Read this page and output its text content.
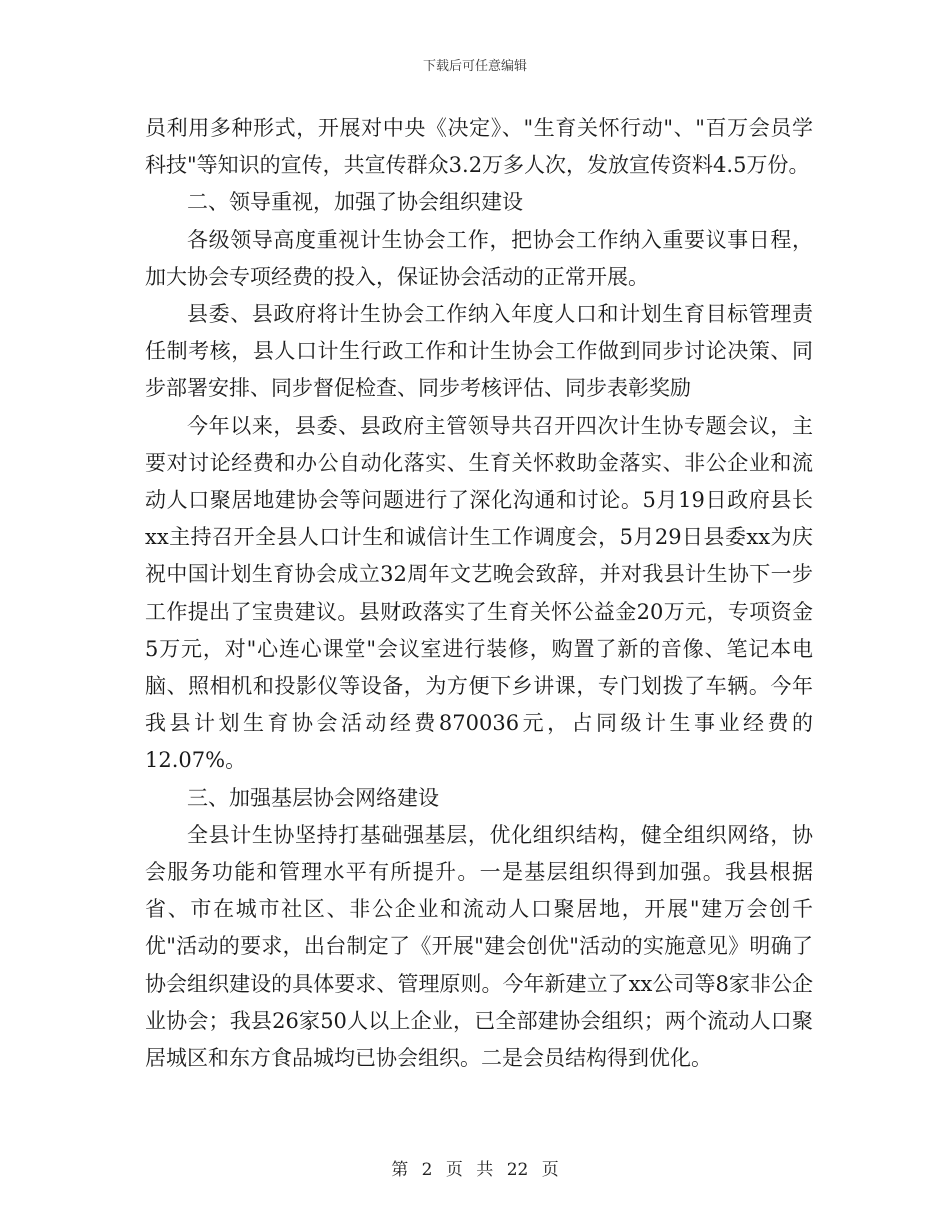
下载后可任意编辑

员利用多种形式，开展对中央《决定》、"生育关怀行动"、"百万会员学科技"等知识的宣传，共宣传群众3.2万多人次，发放宣传资料4.5万份。

二、领导重视，加强了协会组织建设

各级领导高度重视计生协会工作，把协会工作纳入重要议事日程，加大协会专项经费的投入，保证协会活动的正常开展。

县委、县政府将计生协会工作纳入年度人口和计划生育目标管理责任制考核，县人口计生行政工作和计生协会工作做到同步讨论决策、同步部署安排、同步督促检查、同步考核评估、同步表彰奖励

今年以来，县委、县政府主管领导共召开四次计生协专题会议，主要对讨论经费和办公自动化落实、生育关怀救助金落实、非公企业和流动人口聚居地建协会等问题进行了深化沟通和讨论。5月19日政府县长xx主持召开全县人口计生和诚信计生工作调度会，5月29日县委xx为庆祝中国计划生育协会成立32周年文艺晚会致辞，并对我县计生协下一步工作提出了宝贵建议。县财政落实了生育关怀公益金20万元，专项资金5万元，对"心连心课堂"会议室进行装修，购置了新的音像、笔记本电脑、照相机和投影仪等设备，为方便下乡讲课，专门划拨了车辆。今年我县计划生育协会活动经费870036元，占同级计生事业经费的12.07%。

三、加强基层协会网络建设

全县计生协坚持打基础强基层，优化组织结构，健全组织网络，协会服务功能和管理水平有所提升。一是基层组织得到加强。我县根据省、市在城市社区、非公企业和流动人口聚居地，开展"建万会创千优"活动的要求，出台制定了《开展"建会创优"活动的实施意见》明确了协会组织建设的具体要求、管理原则。今年新建立了xx公司等8家非公企业协会；我县26家50人以上企业，已全部建协会组织；两个流动人口聚居城区和东方食品城均已协会组织。二是会员结构得到优化。

第 2 页 共 22 页
